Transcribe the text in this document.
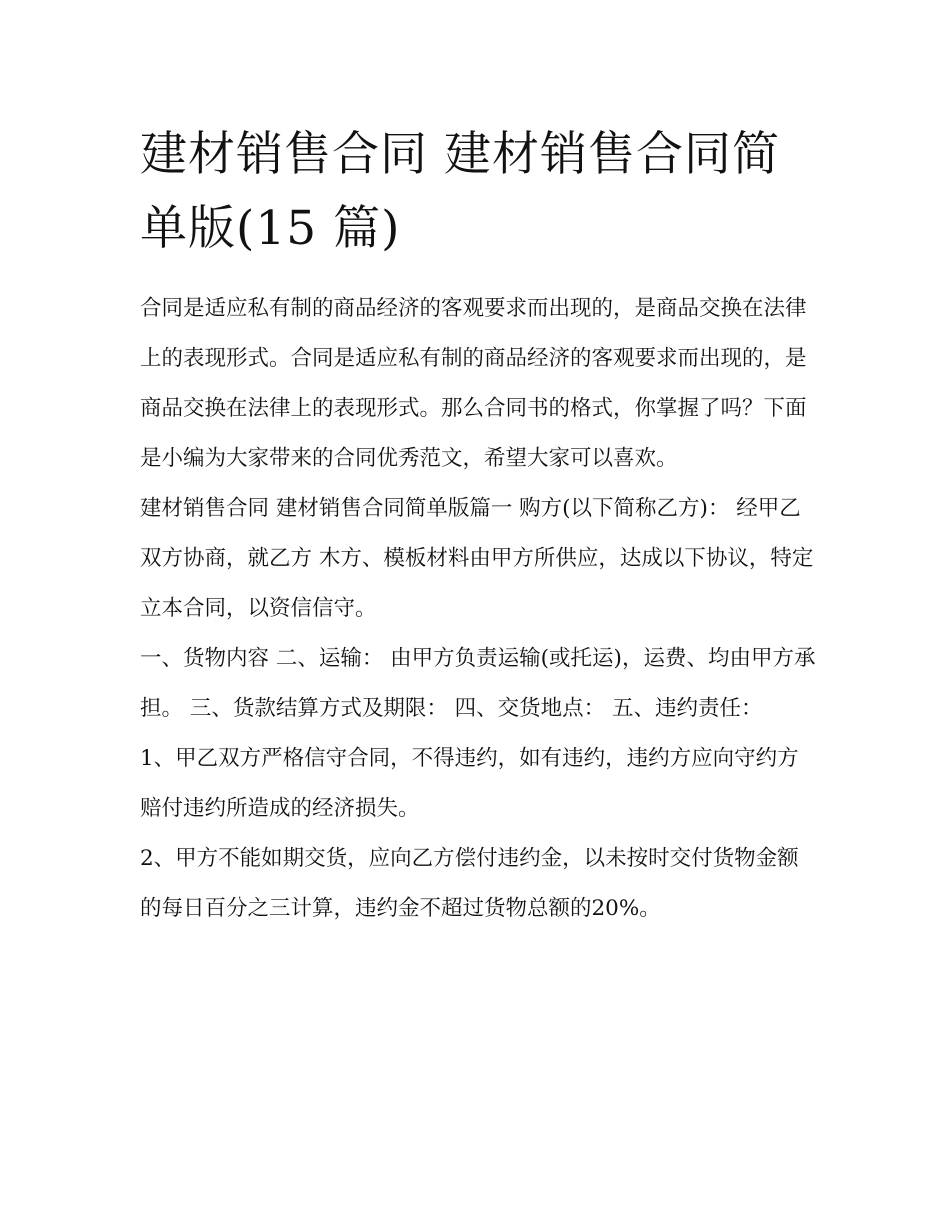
建材销售合同 建材销售合同简
单版(15 篇)

合同是适应私有制的商品经济的客观要求而出现的，是商品交换在法律上的表现形式。合同是适应私有制的商品经济的客观要求而出现的，是商品交换在法律上的表现形式。那么合同书的格式，你掌握了吗？下面是小编为大家带来的合同优秀范文，希望大家可以喜欢。

建材销售合同 建材销售合同简单版篇一 购方(以下简称乙方)： 经甲乙双方协商，就乙方 木方、模板材料由甲方所供应，达成以下协议，特定立本合同，以资信信守。

一、货物内容 二、运输： 由甲方负责运输(或托运)，运费、均由甲方承担。 三、货款结算方式及期限： 四、交货地点： 五、违约责任：

1、甲乙双方严格信守合同，不得违约，如有违约，违约方应向守约方赔付违约所造成的经济损失。

2、甲方不能如期交货，应向乙方偿付违约金，以未按时交付货物金额的每日百分之三计算，违约金不超过货物总额的20%。
